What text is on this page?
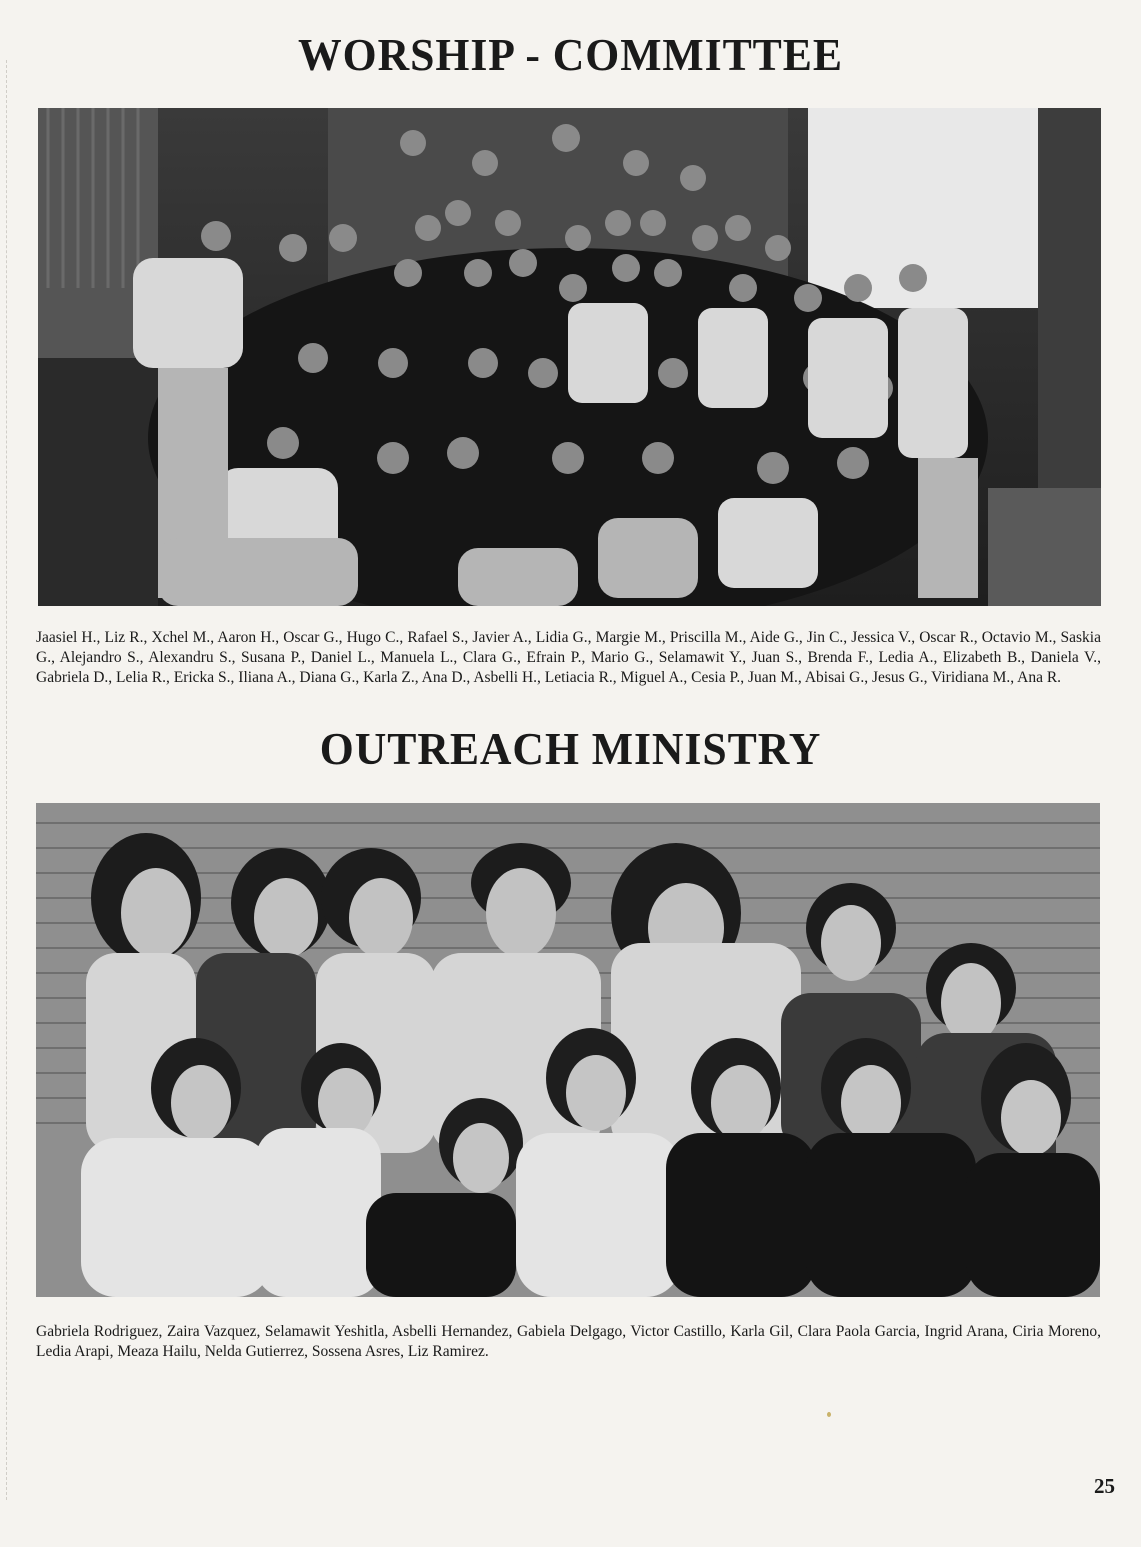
WORSHIP - COMMITTEE

Jaasiel H., Liz R., Xchel M., Aaron H., Oscar G., Hugo C., Rafael S., Javier A., Lidia G., Margie M., Priscilla M., Aide G., Jin C., Jessica V., Oscar R., Octavio M., Saskia G., Alejandro S., Alexandru S., Susana P., Daniel L., Manuela L., Clara G., Efrain P., Mario G., Selamawit Y., Juan S., Brenda F., Ledia A., Elizabeth B., Daniela V., Gabriela D., Lelia R., Ericka S., Iliana A., Diana G., Karla Z., Ana D., Asbelli H., Letiacia R., Miguel A., Cesia P., Juan M., Abisai G., Jesus G., Viridiana M., Ana R.

OUTREACH MINISTRY

Gabriela Rodriguez, Zaira Vazquez, Selamawit Yeshitla, Asbelli Hernandez, Gabiela Delgago, Victor Castillo, Karla Gil, Clara Paola Garcia, Ingrid Arana, Ciria Moreno, Ledia Arapi, Meaza Hailu, Nelda Gutierrez, Sossena Asres, Liz Ramirez.

25
